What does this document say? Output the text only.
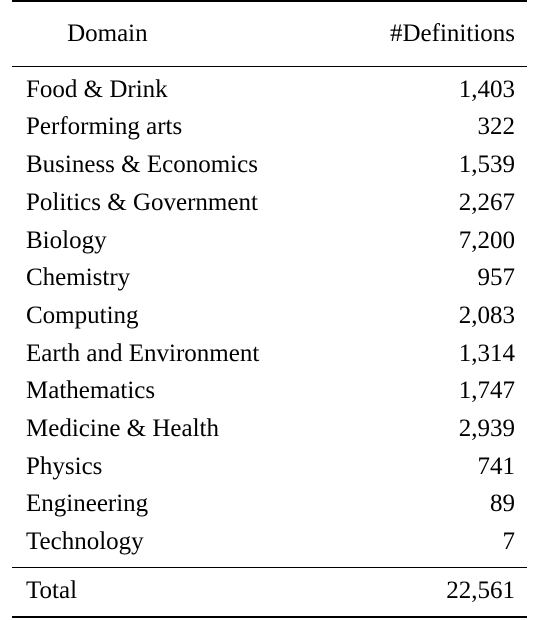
Domain	#Definitions
Food & Drink	1,403
Performing arts	322
Business & Economics	1,539
Politics & Government	2,267
Biology	7,200
Chemistry	957
Computing	2,083
Earth and Environment	1,314
Mathematics	1,747
Medicine & Health	2,939
Physics	741
Engineering	89
Technology	7
Total	22,561
